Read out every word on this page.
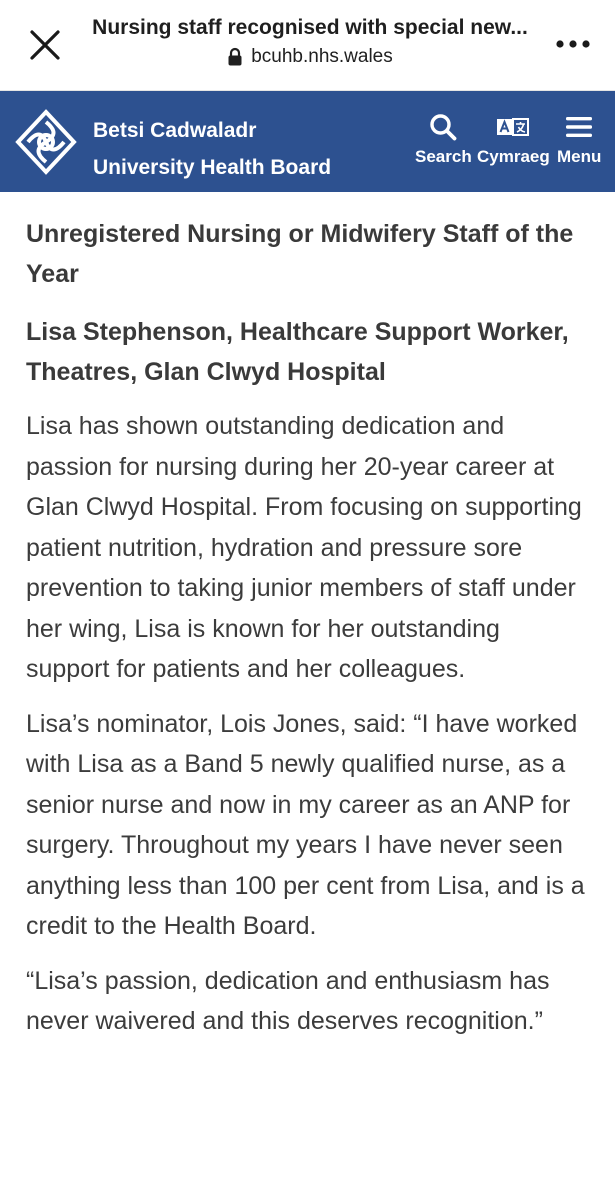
Nursing staff recognised with special new...
bcuhb.nhs.wales
Betsi Cadwaladr
University Health Board	Search Cymraeg Menu
Unregistered Nursing or Midwifery Staff of the Year
Lisa Stephenson, Healthcare Support Worker, Theatres, Glan Clwyd Hospital

Lisa has shown outstanding dedication and passion for nursing during her 20-year career at Glan Clwyd Hospital. From focusing on supporting patient nutrition, hydration and pressure sore prevention to taking junior members of staff under her wing, Lisa is known for her outstanding support for patients and her colleagues.

Lisa’s nominator, Lois Jones, said: “I have worked with Lisa as a Band 5 newly qualified nurse, as a senior nurse and now in my career as an ANP for surgery. Throughout my years I have never seen anything less than 100 per cent from Lisa, and is a credit to the Health Board.

“Lisa’s passion, dedication and enthusiasm has never waivered and this deserves recognition.”
